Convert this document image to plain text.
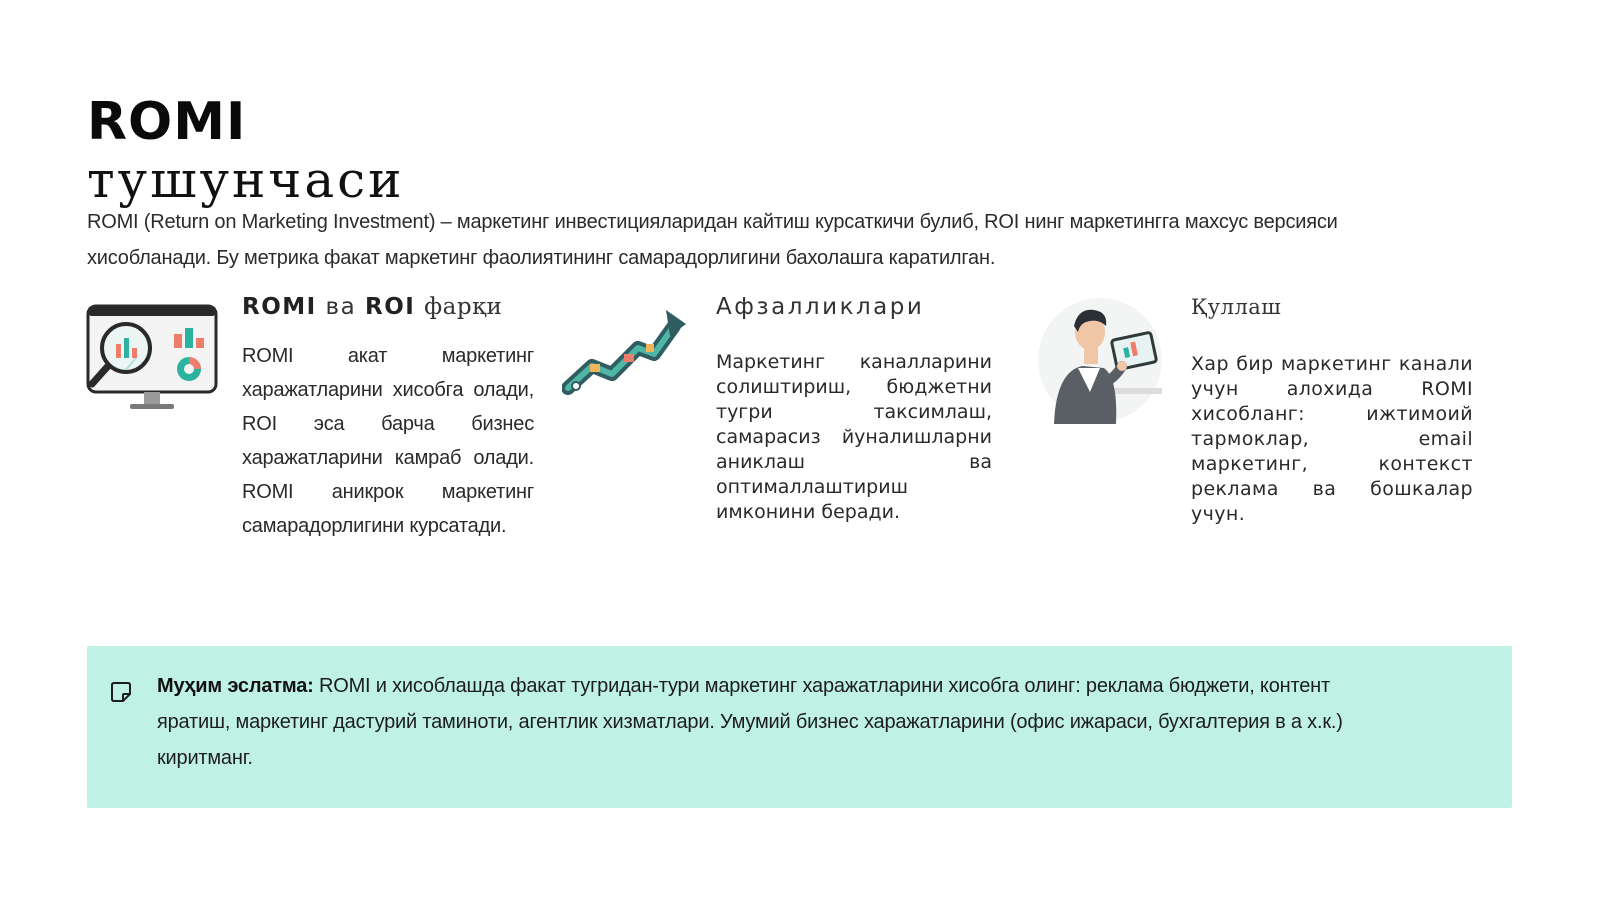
ROMI
тушунчаси
ROMI (Return on Marketing Investment) – маркетинг инвестицияларидан кайтиш курсаткичи булиб, ROI нинг маркетингга махсус версияси хисобланади. Бу метрика факат маркетинг фаолиятининг самарадорлигини бахолашга каратилган.
ROMI ва ROI фарқи
ROMI акат маркетинг харажатларини хисобга олади, ROI эса барча бизнес харажатларини камраб олади. ROMI аникрок маркетинг самарадорлигини курсатади.
Афзалликлари
Маркетинг каналларини солиштириш, бюджетни тугри таксимлаш, самарасиз йуналишларни аниклаш ва оптималлаштириш имконини беради.
Қуллаш
Хар бир маркетинг канали учун алохида ROMI хисобланг: ижтимоий тармоклар, email маркетинг, контекст реклама ва бошкалар учун.
Муҳим эслатма: ROMI и хисоблашда факат тугридан-тури маркетинг харажатларини хисобга олинг: реклама бюджети, контент яратиш, маркетинг дастурий таминоти, агентлик хизматлари. Умумий бизнес харажатларини (офис ижараси, бухгалтерия в а х.к.) киритманг.
